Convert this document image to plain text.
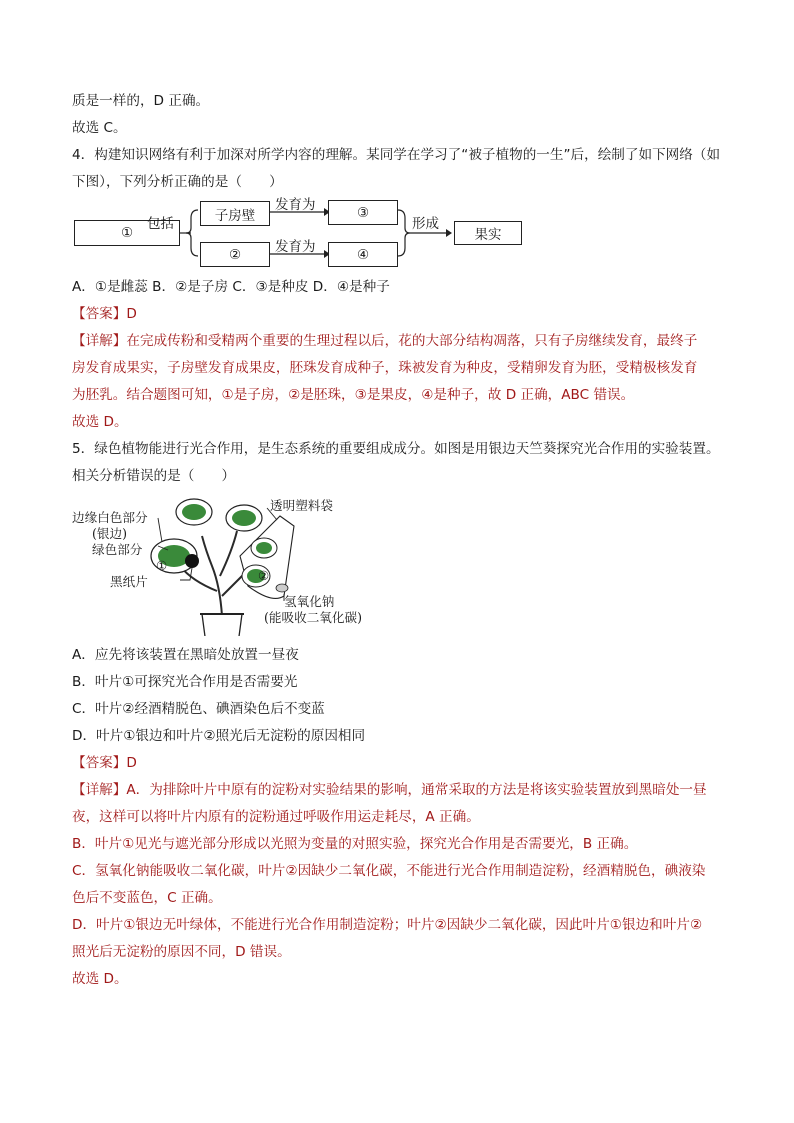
质是一样的，D 正确。

故选 C。

4．构建知识网络有利于加深对所学内容的理解。某同学在学习了“被子植物的一生”后，绘制了如下网络（如

下图），下列分析正确的是（　　）

①
包括
子房壁
②
发育为
发育为
③
④
形成
果实

A．①是雌蕊 B．②是子房 C．③是种皮 D．④是种子

【答案】D

【详解】在完成传粉和受精两个重要的生理过程以后，花的大部分结构凋落，只有子房继续发育，最终子

房发育成果实，子房壁发育成果皮，胚珠发育成种子，珠被发育为种皮，受精卵发育为胚，受精极核发育

为胚乳。结合题图可知，①是子房，②是胚珠，③是果皮，④是种子，故 D 正确，ABC 错误。

故选 D。

5．绿色植物能进行光合作用，是生态系统的重要组成成分。如图是用银边天竺葵探究光合作用的实验装置。

相关分析错误的是（　　）

边缘白色部分
(银边)
绿色部分
①
黑纸片
透明塑料袋
②
氢氧化钠
(能吸收二氧化碳)

A．应先将该装置在黑暗处放置一昼夜

B．叶片①可探究光合作用是否需要光

C．叶片②经酒精脱色、碘酒染色后不变蓝

D．叶片①银边和叶片②照光后无淀粉的原因相同

【答案】D

【详解】A．为排除叶片中原有的淀粉对实验结果的影响，通常采取的方法是将该实验装置放到黑暗处一昼

夜，这样可以将叶片内原有的淀粉通过呼吸作用运走耗尽，A 正确。

B．叶片①见光与遮光部分形成以光照为变量的对照实验，探究光合作用是否需要光，B 正确。

C．氢氧化钠能吸收二氧化碳，叶片②因缺少二氧化碳，不能进行光合作用制造淀粉，经酒精脱色，碘液染

色后不变蓝色，C 正确。

D．叶片①银边无叶绿体，不能进行光合作用制造淀粉；叶片②因缺少二氧化碳，因此叶片①银边和叶片②

照光后无淀粉的原因不同，D 错误。

故选 D。
